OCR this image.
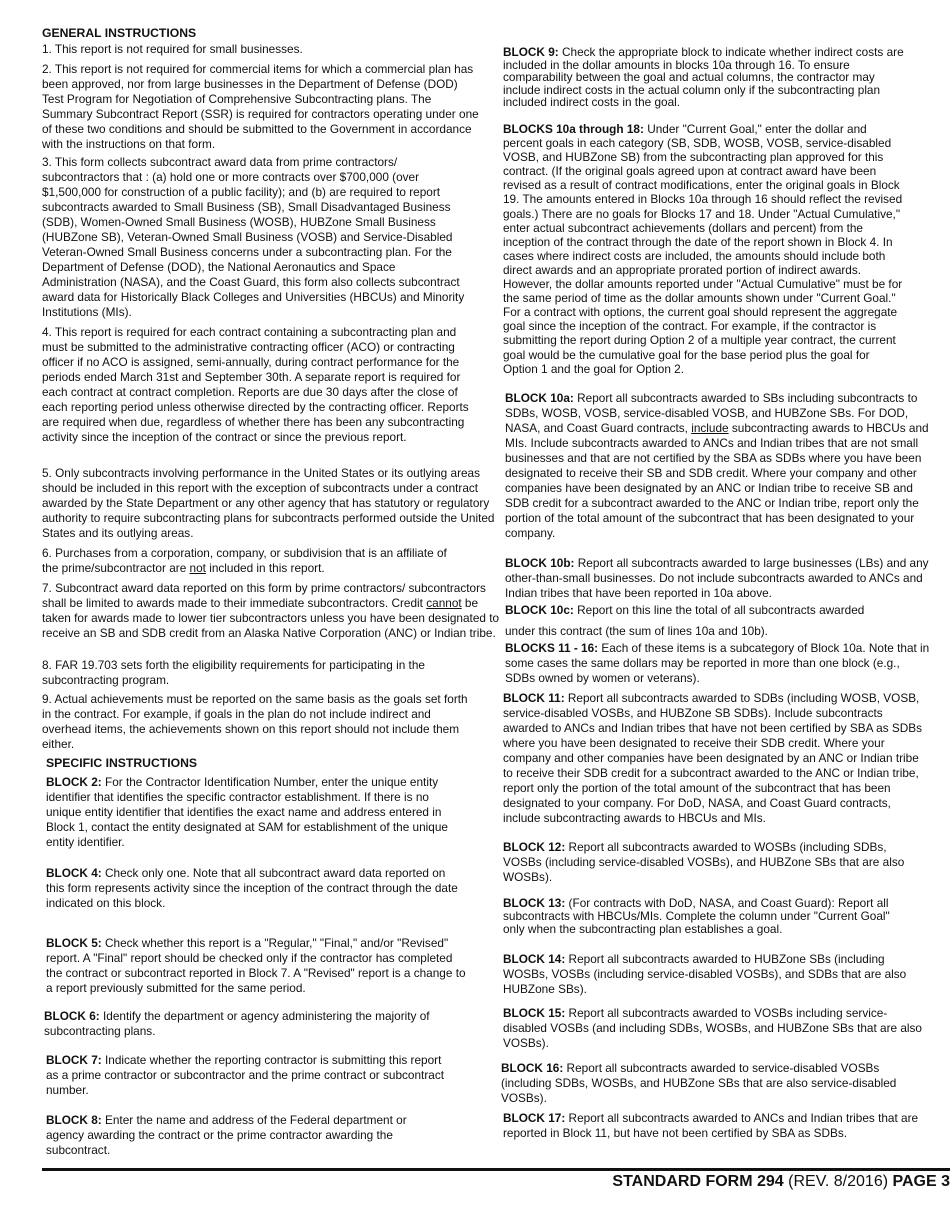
GENERAL INSTRUCTIONS
1. This report is not required for small businesses.
2. This report is not required for commercial items for which a commercial plan has been approved, nor from large businesses in the Department of Defense (DOD) Test Program for Negotiation of Comprehensive Subcontracting plans. The Summary Subcontract Report (SSR) is required for contractors operating under one of these two conditions and should be submitted to the Government in accordance with the instructions on that form.
3. This form collects subcontract award data from prime contractors/ subcontractors that : (a) hold one or more contracts over $700,000 (over $1,500,000 for construction of a public facility); and (b) are required to report subcontracts awarded to Small Business (SB), Small Disadvantaged Business (SDB), Women-Owned Small Business (WOSB), HUBZone Small Business (HUBZone SB), Veteran-Owned Small Business (VOSB) and Service-Disabled Veteran-Owned Small Business concerns under a subcontracting plan. For the Department of Defense (DOD), the National Aeronautics and Space Administration (NASA), and the Coast Guard, this form also collects subcontract award data for Historically Black Colleges and Universities (HBCUs) and Minority Institutions (MIs).
4. This report is required for each contract containing a subcontracting plan and must be submitted to the administrative contracting officer (ACO) or contracting officer if no ACO is assigned, semi-annually, during contract performance for the periods ended March 31st and September 30th. A separate report is required for each contract at contract completion. Reports are due 30 days after the close of each reporting period unless otherwise directed by the contracting officer. Reports are required when due, regardless of whether there has been any subcontracting activity since the inception of the contract or since the previous report.
5. Only subcontracts involving performance in the United States or its outlying areas should be included in this report with the exception of subcontracts under a contract awarded by the State Department or any other agency that has statutory or regulatory authority to require subcontracting plans for subcontracts performed outside the United States and its outlying areas.
6. Purchases from a corporation, company, or subdivision that is an affiliate of the prime/subcontractor are not included in this report.
7. Subcontract award data reported on this form by prime contractors/ subcontractors shall be limited to awards made to their immediate subcontractors. Credit cannot be taken for awards made to lower tier subcontractors unless you have been designated to receive an SB and SDB credit from an Alaska Native Corporation (ANC) or Indian tribe.
8. FAR 19.703 sets forth the eligibility requirements for participating in the subcontracting program.
9. Actual achievements must be reported on the same basis as the goals set forth in the contract. For example, if goals in the plan do not include indirect and overhead items, the achievements shown on this report should not include them either.
SPECIFIC INSTRUCTIONS
BLOCK 2: For the Contractor Identification Number, enter the unique entity identifier that identifies the specific contractor establishment. If there is no unique entity identifier that identifies the exact name and address entered in Block 1, contact the entity designated at SAM for establishment of the unique entity identifier.
BLOCK 4: Check only one. Note that all subcontract award data reported on this form represents activity since the inception of the contract through the date indicated on this block.
BLOCK 5: Check whether this report is a "Regular," "Final," and/or "Revised" report. A "Final" report should be checked only if the contractor has completed the contract or subcontract reported in Block 7. A "Revised" report is a change to a report previously submitted for the same period.
BLOCK 6: Identify the department or agency administering the majority of subcontracting plans.
BLOCK 7: Indicate whether the reporting contractor is submitting this report as a prime contractor or subcontractor and the prime contract or subcontract number.
BLOCK 8: Enter the name and address of the Federal department or agency awarding the contract or the prime contractor awarding the subcontract.
BLOCK 9: Check the appropriate block to indicate whether indirect costs are included in the dollar amounts in blocks 10a through 16. To ensure comparability between the goal and actual columns, the contractor may include indirect costs in the actual column only if the subcontracting plan included indirect costs in the goal.
BLOCKS 10a through 18: Under "Current Goal," enter the dollar and percent goals in each category (SB, SDB, WOSB, VOSB, service-disabled VOSB, and HUBZone SB) from the subcontracting plan approved for this contract. (If the original goals agreed upon at contract award have been revised as a result of contract modifications, enter the original goals in Block 19. The amounts entered in Blocks 10a through 16 should reflect the revised goals.) There are no goals for Blocks 17 and 18. Under "Actual Cumulative," enter actual subcontract achievements (dollars and percent) from the inception of the contract through the date of the report shown in Block 4. In cases where indirect costs are included, the amounts should include both direct awards and an appropriate prorated portion of indirect awards. However, the dollar amounts reported under "Actual Cumulative" must be for the same period of time as the dollar amounts shown under "Current Goal." For a contract with options, the current goal should represent the aggregate goal since the inception of the contract. For example, if the contractor is submitting the report during Option 2 of a multiple year contract, the current goal would be the cumulative goal for the base period plus the goal for Option 1 and the goal for Option 2.
BLOCK 10a: Report all subcontracts awarded to SBs including subcontracts to SDBs, WOSB, VOSB, service-disabled VOSB, and HUBZone SBs. For DOD, NASA, and Coast Guard contracts, include subcontracting awards to HBCUs and MIs. Include subcontracts awarded to ANCs and Indian tribes that are not small businesses and that are not certified by the SBA as SDBs where you have been designated to receive their SB and SDB credit. Where your company and other companies have been designated by an ANC or Indian tribe to receive SB and SDB credit for a subcontract awarded to the ANC or Indian tribe, report only the portion of the total amount of the subcontract that has been designated to your company.
BLOCK 10b: Report all subcontracts awarded to large businesses (LBs) and any other-than-small businesses. Do not include subcontracts awarded to ANCs and Indian tribes that have been reported in 10a above.
BLOCK 10c: Report on this line the total of all subcontracts awarded
under this contract (the sum of lines 10a and 10b).
BLOCKS 11 - 16: Each of these items is a subcategory of Block 10a. Note that in some cases the same dollars may be reported in more than one block (e.g., SDBs owned by women or veterans).
BLOCK 11: Report all subcontracts awarded to SDBs (including WOSB, VOSB, service-disabled VOSBs, and HUBZone SB SDBs). Include subcontracts awarded to ANCs and Indian tribes that have not been certified by SBA as SDBs where you have been designated to receive their SDB credit. Where your company and other companies have been designated by an ANC or Indian tribe to receive their SDB credit for a subcontract awarded to the ANC or Indian tribe, report only the portion of the total amount of the subcontract that has been designated to your company. For DoD, NASA, and Coast Guard contracts, include subcontracting awards to HBCUs and MIs.
BLOCK 12: Report all subcontracts awarded to WOSBs (including SDBs, VOSBs (including service-disabled VOSBs), and HUBZone SBs that are also WOSBs).
BLOCK 13: (For contracts with DoD, NASA, and Coast Guard): Report all subcontracts with HBCUs/MIs. Complete the column under "Current Goal" only when the subcontracting plan establishes a goal.
BLOCK 14: Report all subcontracts awarded to HUBZone SBs (including WOSBs, VOSBs (including service-disabled VOSBs), and SDBs that are also HUBZone SBs).
BLOCK 15: Report all subcontracts awarded to VOSBs including service-disabled VOSBs (and including SDBs, WOSBs, and HUBZone SBs that are also VOSBs).
BLOCK 16: Report all subcontracts awarded to service-disabled VOSBs (including SDBs, WOSBs, and HUBZone SBs that are also service-disabled VOSBs).
BLOCK 17: Report all subcontracts awarded to ANCs and Indian tribes that are reported in Block 11, but have not been certified by SBA as SDBs.
STANDARD FORM 294 (REV. 8/2016) PAGE 3
